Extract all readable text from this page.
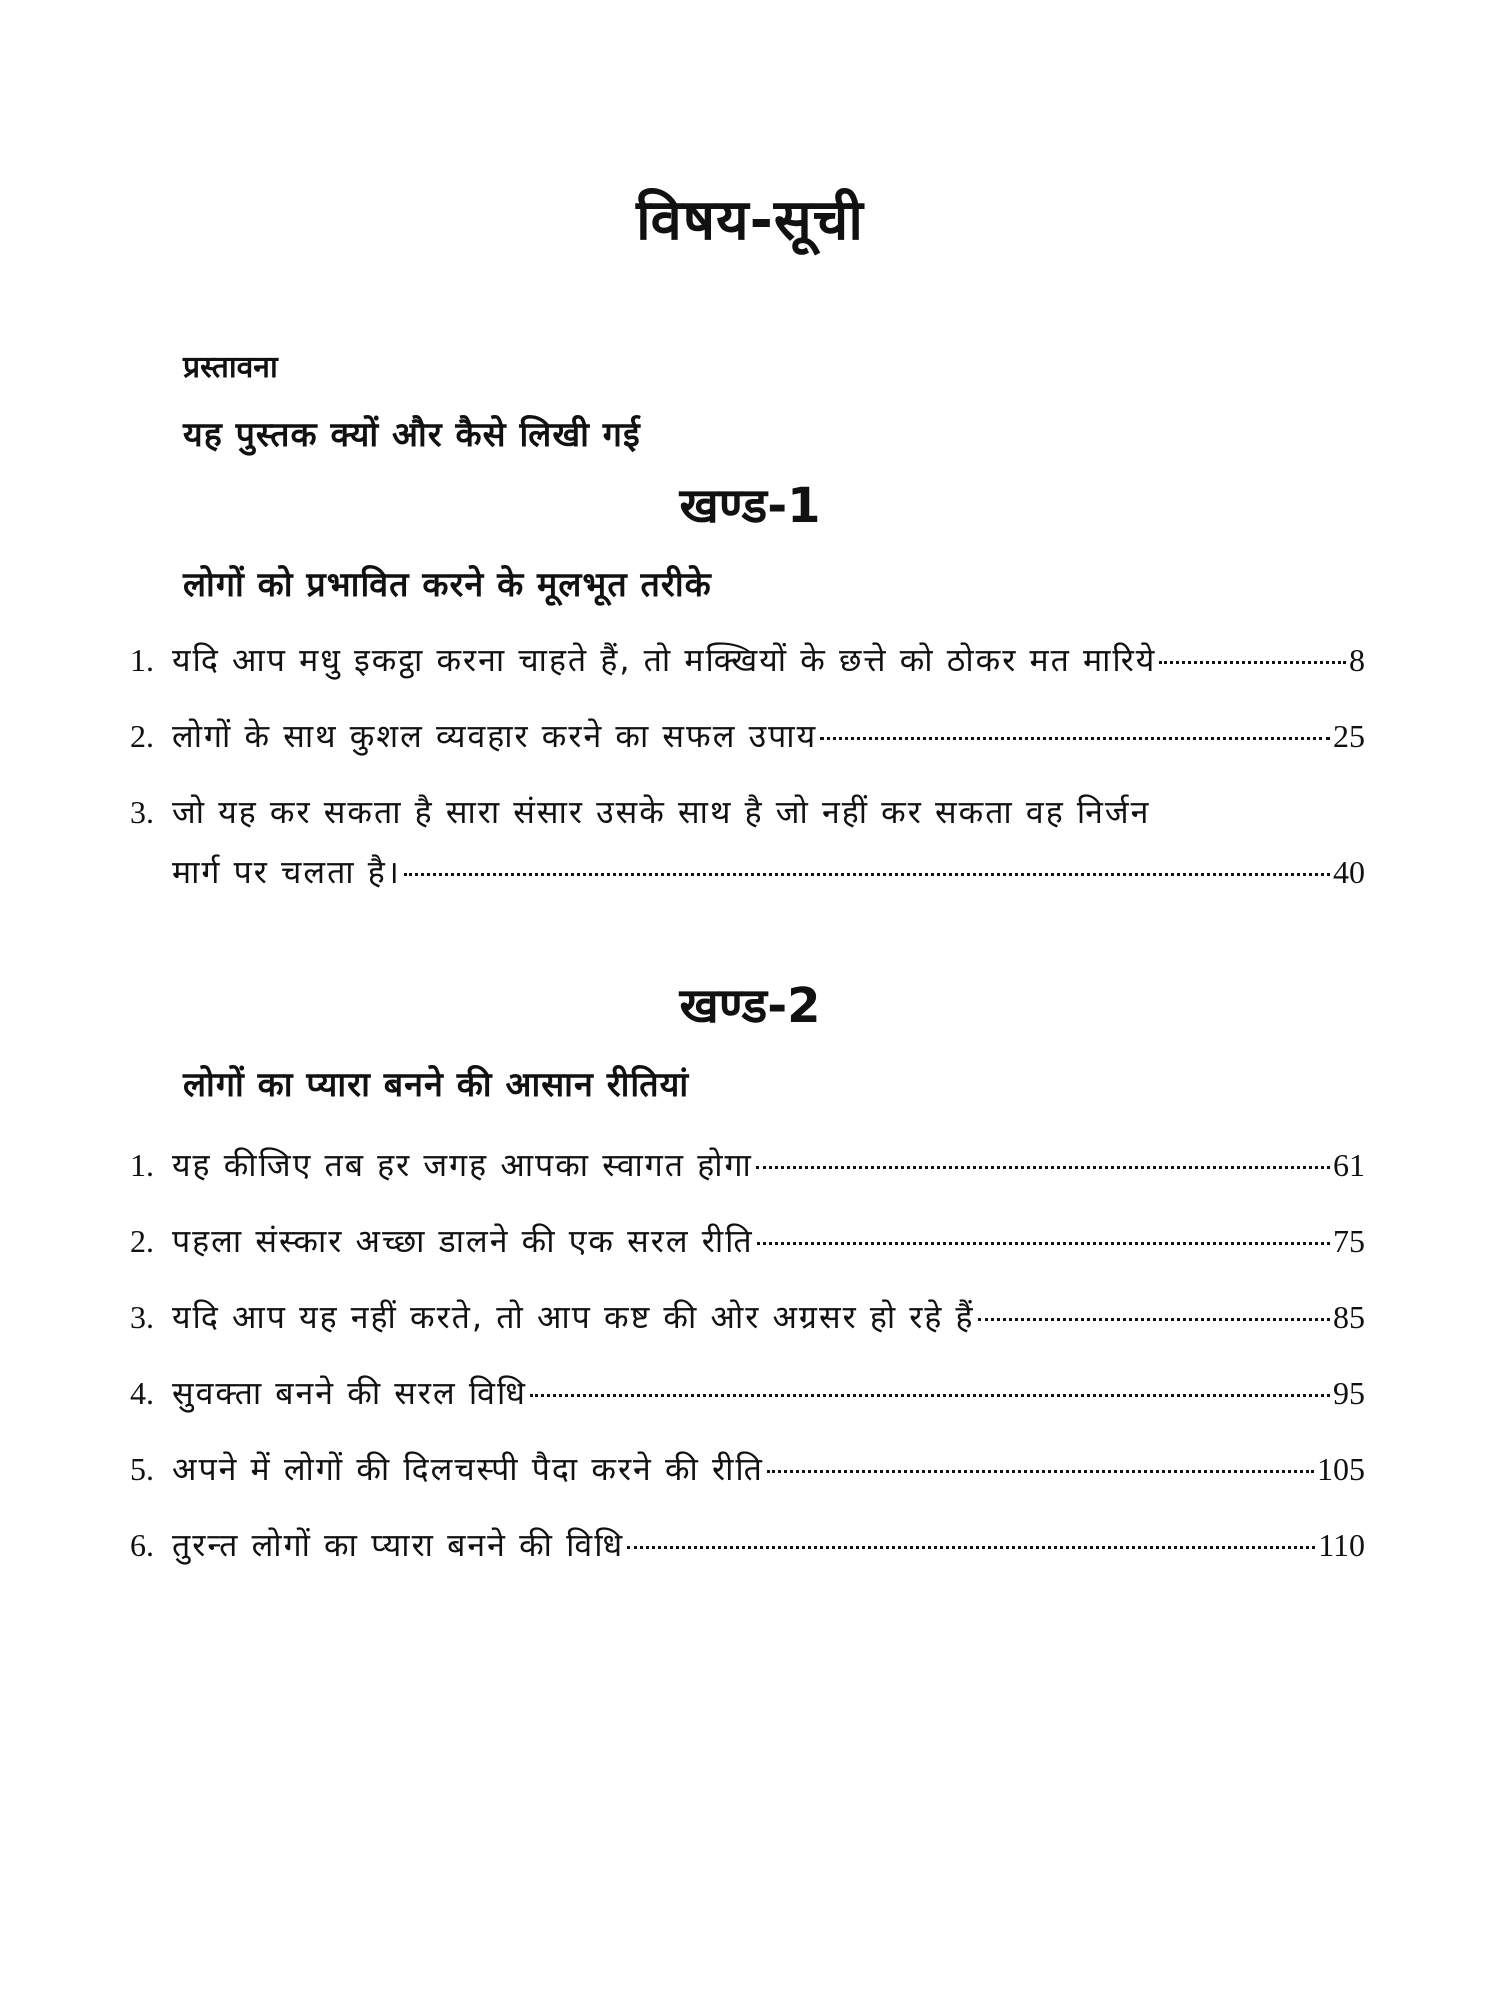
विषय-सूची
प्रस्तावना
यह पुस्तक क्यों और कैसे लिखी गई
खण्ड-1
लोगों को प्रभावित करने के मूलभूत तरीके
1. यदि आप मधु इकट्ठा करना चाहते हैं, तो मक्खियों के छत्ते को ठोकर मत मारिये	8
2. लोगों के साथ कुशल व्यवहार करने का सफल उपाय	25
3. जो यह कर सकता है सारा संसार उसके साथ है जो नहीं कर सकता वह निर्जन
मार्ग पर चलता है।	40
खण्ड-2
लोगों का प्यारा बनने की आसान रीतियां
1. यह कीजिए तब हर जगह आपका स्वागत होगा	61
2. पहला संस्कार अच्छा डालने की एक सरल रीति	75
3. यदि आप यह नहीं करते, तो आप कष्ट की ओर अग्रसर हो रहे हैं	85
4. सुवक्ता बनने की सरल विधि	95
5. अपने में लोगों की दिलचस्पी पैदा करने की रीति	105
6. तुरन्त लोगों का प्यारा बनने की विधि	110
